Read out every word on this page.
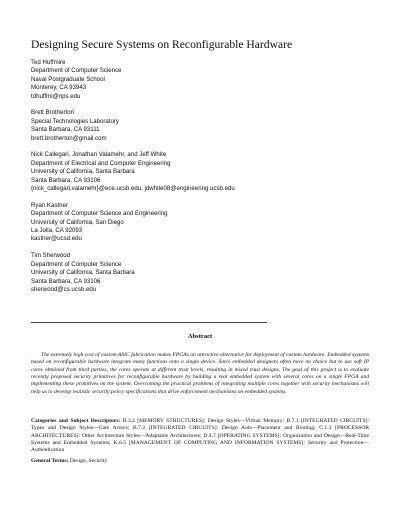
Designing Secure Systems on Reconfigurable Hardware
Ted Huffmire
Department of Computer Science
Naval Postgraduate School
Monterey, CA 93943
tdhuffmi@nps.edu
Brett Brotherton
Special Technologies Laboratory
Santa Barbara, CA 93111
brett.brotherton@gmail.com
Nick Callegari, Jonathan Valamehr, and Jeff White
Department of Electrical and Computer Engineering
University of California, Santa Barbara
Santa Barbara, CA 93106
{nick_callegari,valamehr}@ece.ucsb.edu, jdwhite08@engineering.ucsb.edu
Ryan Kastner
Department of Computer Science and Engineering
University of California, San Diego
La Jolla, CA 92093
kastner@ucsd.edu
Tim Sherwood
Department of Computer Science
University of California, Santa Barbara
Santa Barbara, CA 93106
sherwood@cs.ucsb.edu
Abstract
The extremely high cost of custom ASIC fabrication makes FPGAs an attractive alternative for deployment of custom hardware. Embedded systems based on reconfigurable hardware integrate many functions onto a single device. Since embedded designers often have no choice but to use soft IP cores obtained from third parties, the cores operate at different trust levels, resulting in mixed trust designs. The goal of this project is to evaluate recently proposed security primitives for reconfigurable hardware by building a real embedded system with several cores on a single FPGA and implementing these primitives on the system. Overcoming the practical problems of integrating multiple cores together with security mechanisms will help us to develop realistic security policy specifications that drive enforcement mechanisms on embedded systems.
Categories and Subject Descriptors: B.3.2 [MEMORY STRUCTURES]: Design Styles—Virtual Memory; B.7.1 [INTEGRATED CIRCUITS]: Types and Design Styles—Gate Arrays; B.7.2 [INTEGRATED CIRCUITS]: Design Aids—Placement and Routing; C.1.3 [PROCESSOR ARCHITECTURES]: Other Architecture Styles—Adaptable Architectures; D.4.7 [OPERATING SYSTEMS]: Organization and Design—Real-Time Systems and Embedded Systems; K.6.5 [MANAGEMENT OF COMPUTING AND INFORMATION SYSTEMS]: Security and Protection—Authentication
General Terms: Design, Security
